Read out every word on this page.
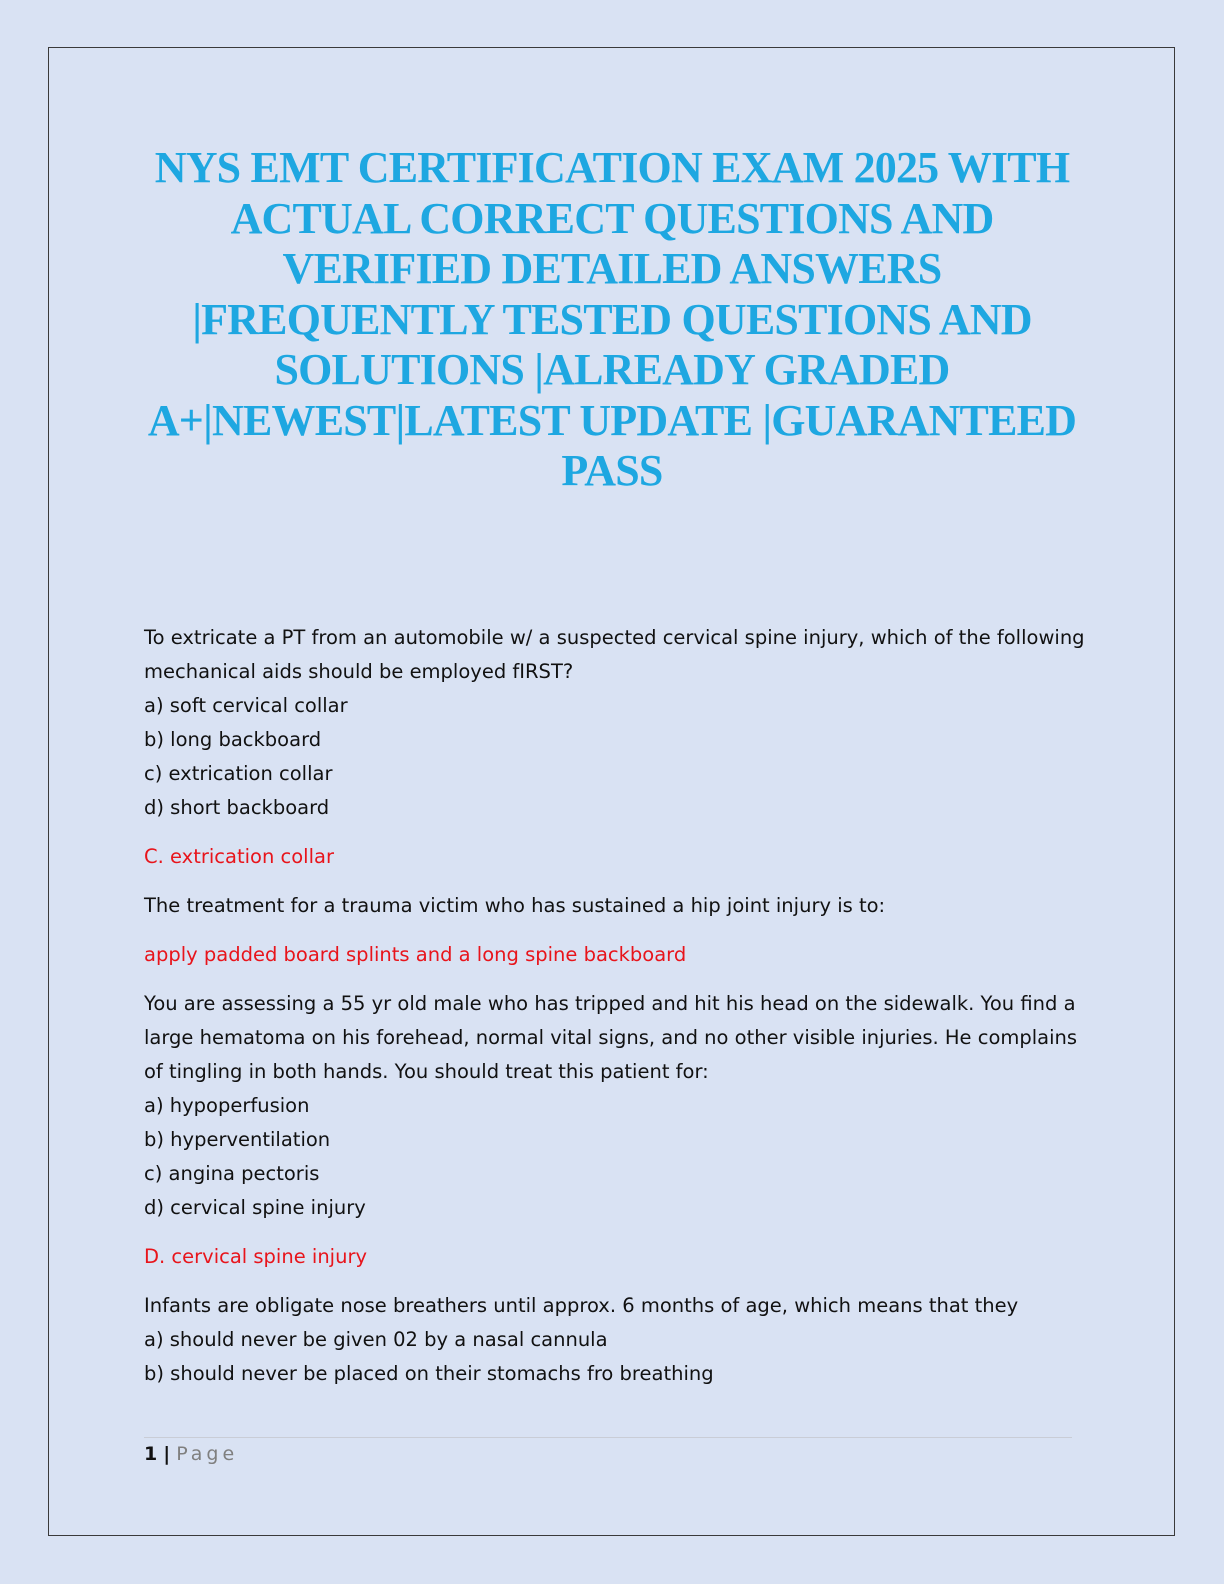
NYS EMT CERTIFICATION EXAM 2025 WITH ACTUAL CORRECT QUESTIONS AND VERIFIED DETAILED ANSWERS |FREQUENTLY TESTED QUESTIONS AND SOLUTIONS |ALREADY GRADED A+|NEWEST|LATEST UPDATE |GUARANTEED PASS

To extricate a PT from an automobile w/ a suspected cervical spine injury, which of the following mechanical aids should be employed fIRST?

a) soft cervical collar
b) long backboard
c) extrication collar
d) short backboard

C. extrication collar

The treatment for a trauma victim who has sustained a hip joint injury is to:

apply padded board splints and a long spine backboard

You are assessing a 55 yr old male who has tripped and hit his head on the sidewalk. You find a large hematoma on his forehead, normal vital signs, and no other visible injuries. He complains of tingling in both hands. You should treat this patient for:

a) hypoperfusion
b) hyperventilation
c) angina pectoris
d) cervical spine injury

D. cervical spine injury

Infants are obligate nose breathers until approx. 6 months of age, which means that they

a) should never be given 02 by a nasal cannula
b) should never be placed on their stomachs fro breathing
1 | Page
